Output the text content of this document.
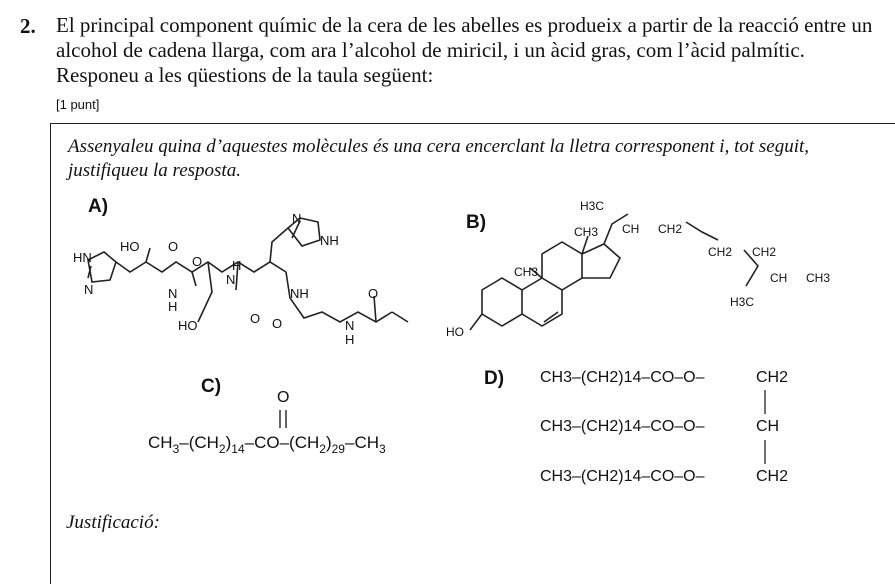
2. El principal component químic de la cera de les abelles es produeix a partir de la reacció entre un alcohol de cadena llarga, com ara l’alcohol de miricil, i un àcid gras, com l’àcid palmític. Responeu a les qüestions de la taula següent:
[1 punt]
Assenyaleu quina d’aquestes molècules és una cera encerclant la lletra corresponent i, tot seguit, justifiqueu la resposta.
A)
B)
C)	D)
HN
N
HO O
O
N
H
HO
H
N
O
N
NH
NH
O
O
N
H
H3C
CH3 CH CH2
CH2 CH2
CH CH3
H3C
CH3
HO
O
$CH_3-(CH_2)_{14}-CO-(CH_2)_{29}-CH_3$
CH3–(CH2)14–CO–O–	CH2
CH3–(CH2)14–CO–O–	CH
CH3–(CH2)14–CO–O–	CH2
Justificació:
